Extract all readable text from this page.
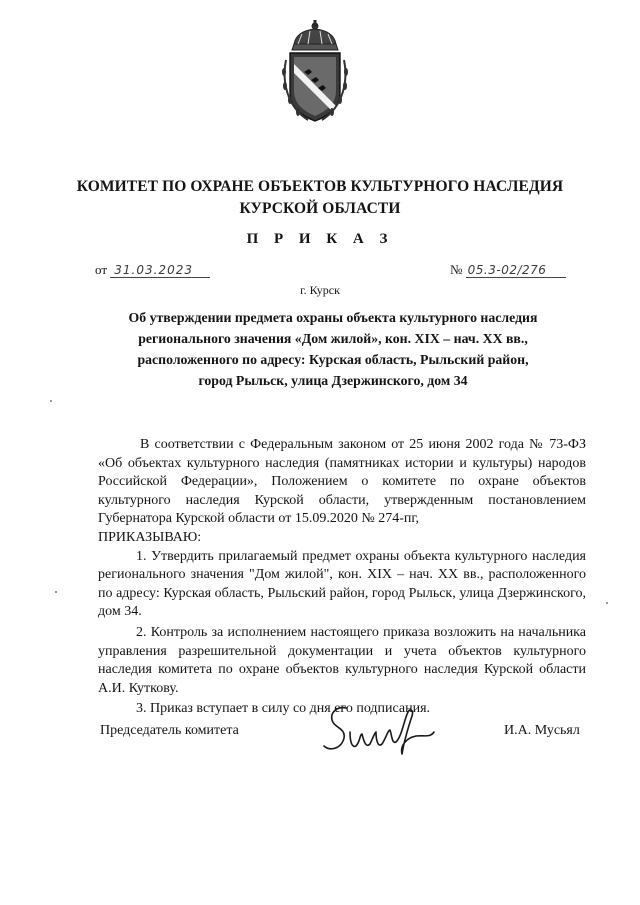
КОМИТЕТ ПО ОХРАНЕ ОБЪЕКТОВ КУЛЬТУРНОГО НАСЛЕДИЯ
КУРСКОЙ ОБЛАСТИ
П Р И К А З
от 31.03.2023	№ 05.3-02/276
г. Курск
Об утверждении предмета охраны объекта культурного наследия
регионального значения «Дом жилой», кон. XIX – нач. XX вв.,
расположенного по адресу: Курская область, Рыльский район,
город Рыльск, улица Дзержинского, дом 34

В соответствии с Федеральным законом от 25 июня 2002 года № 73-ФЗ «Об объектах культурного наследия (памятниках истории и культуры) народов Российской Федерации», Положением о комитете по охране объектов культурного наследия Курской области, утвержденным постановлением Губернатора Курской области от 15.09.2020 № 274-пг,

ПРИКАЗЫВАЮ:

1. Утвердить прилагаемый предмет охраны объекта культурного наследия регионального значения "Дом жилой", кон. XIX – нач. XX вв., расположенного по адресу: Курская область, Рыльский район, город Рыльск, улица Дзержинского, дом 34.

2. Контроль за исполнением настоящего приказа возложить на начальника управления разрешительной документации и учета объектов культурного наследия комитета по охране объектов культурного наследия Курской области А.И. Куткову.

3. Приказ вступает в силу со дня его подписания.

Председатель комитета	И.А. Мусьял
